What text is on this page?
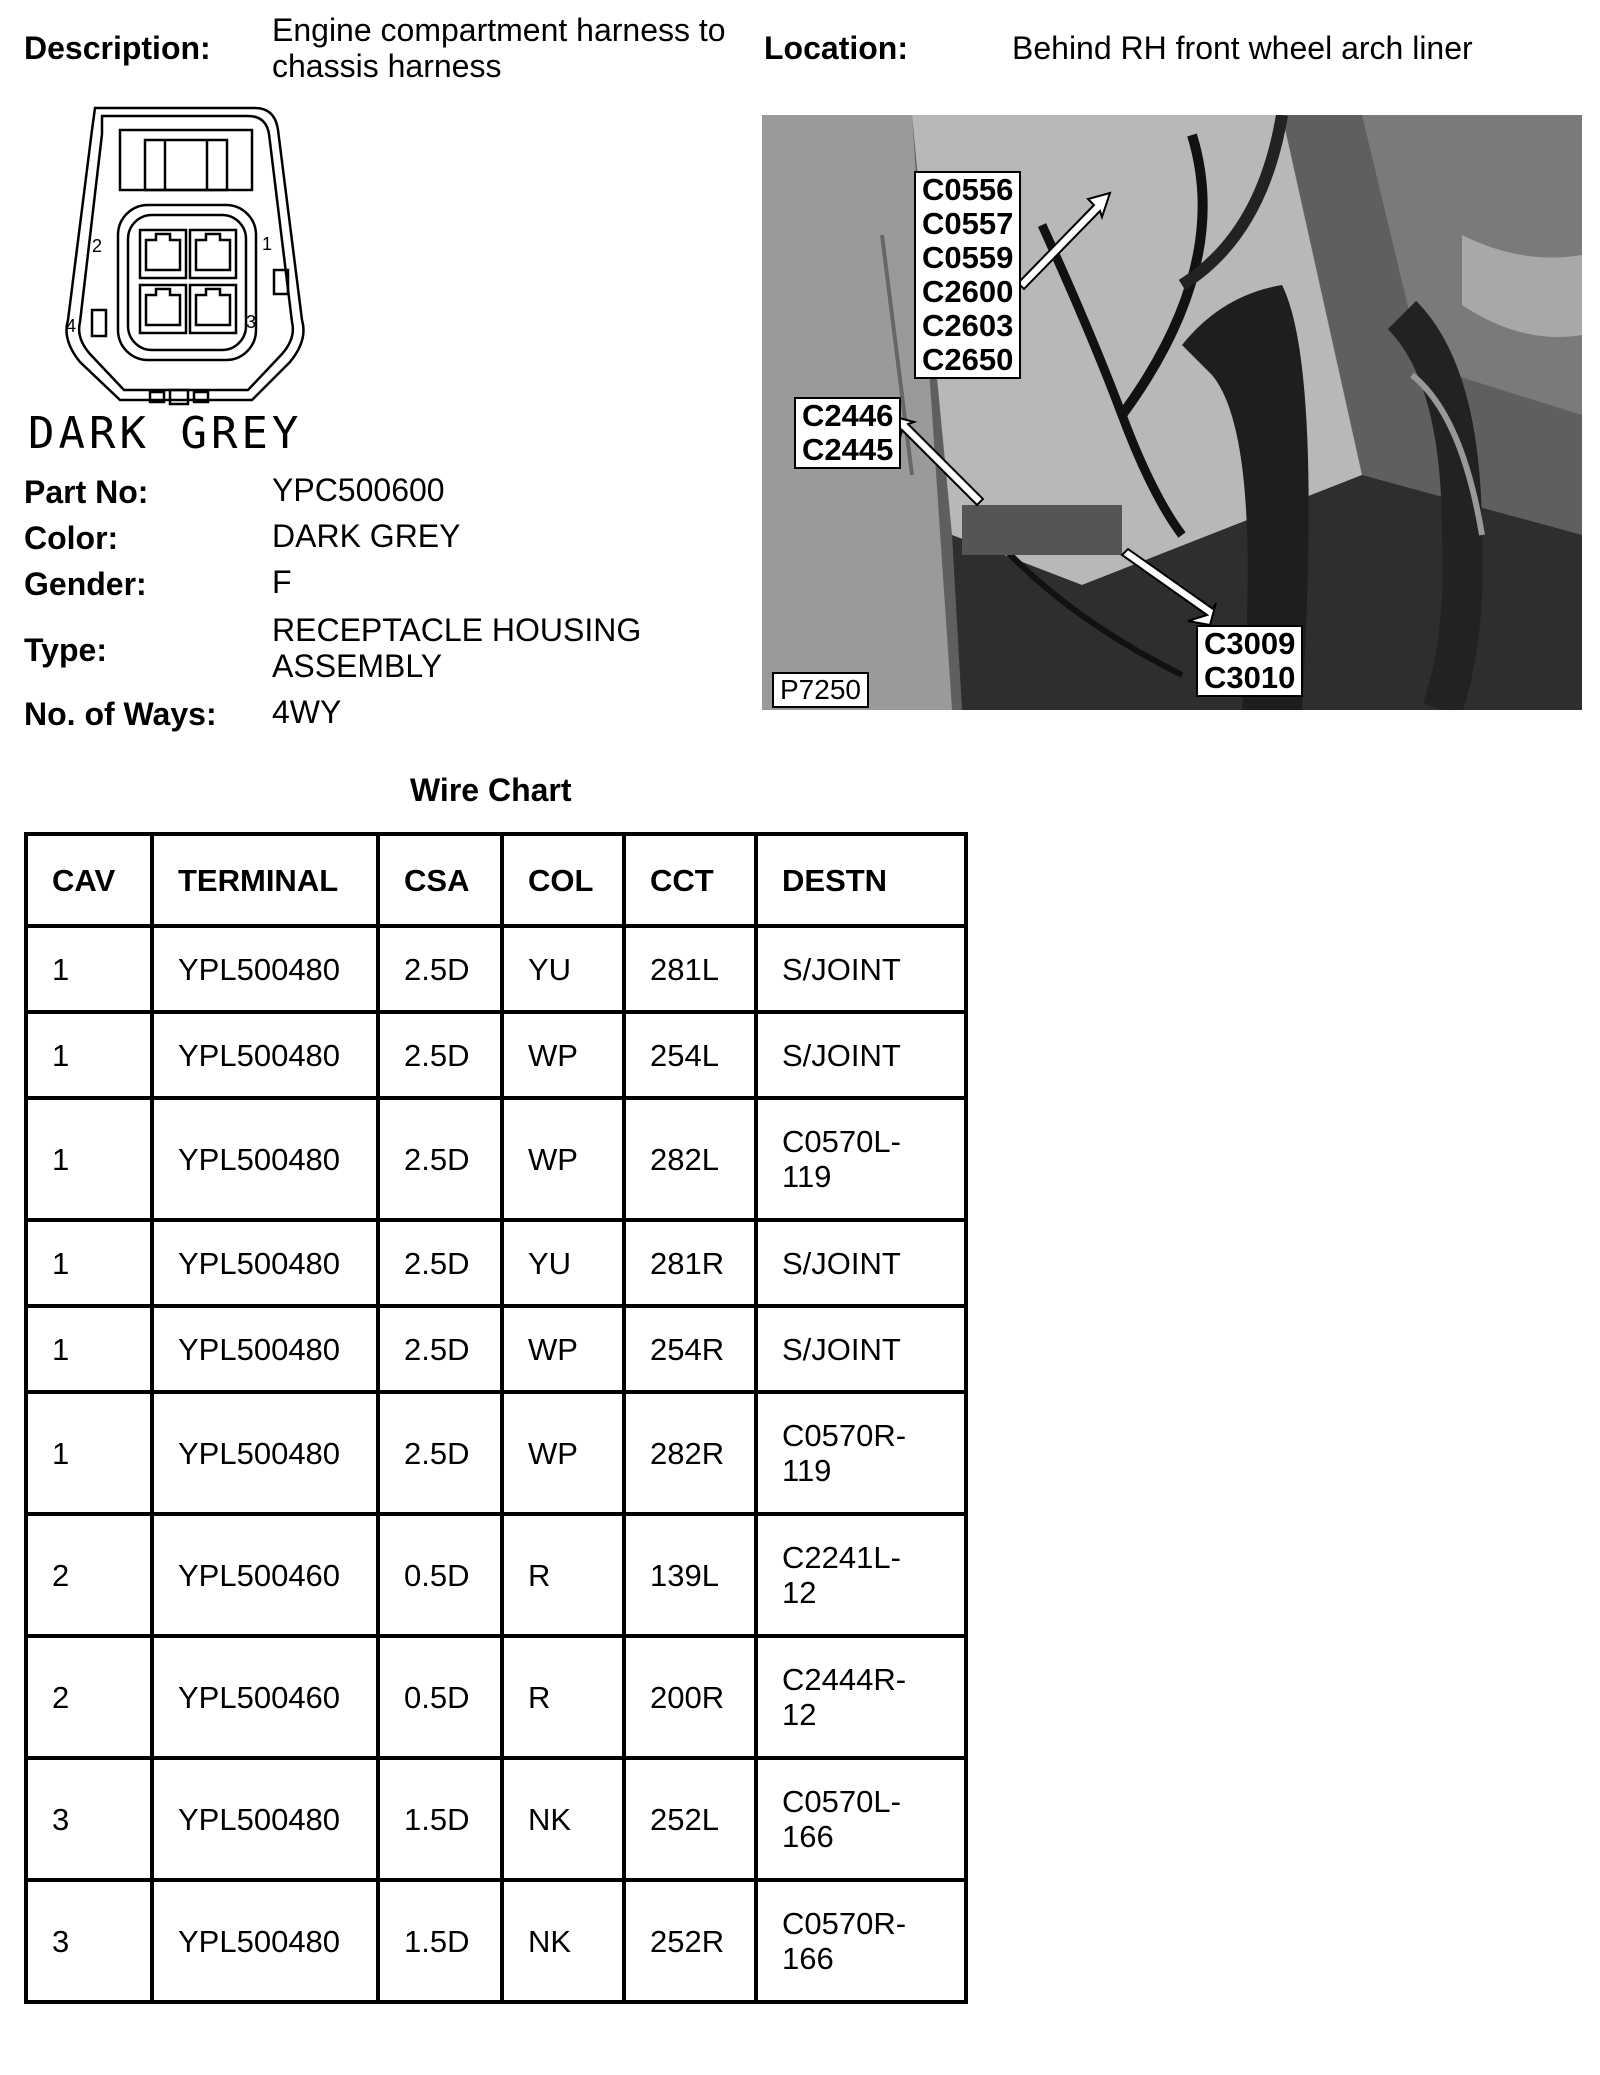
Description: Engine compartment harness to
chassis harness	Location:	Behind RH front wheel arch liner
1
2
3
4
DARK GREY
Part No:	YPC500600
Color:	DARK GREY
Gender:	F
Type:
RECEPTACLE HOUSING
ASSEMBLY
No. of Ways: 4WY
C0556
C0557
C0559
C2600
C2603
C2650
C2446
C2445
C3009
C3010
P7250
Wire Chart
CAV	TERMINAL	CSA	COL	CCT	DESTN
1	YPL500480	2.5D	YU	281L	S/JOINT

1	YPL500480	2.5D	WP	254L	S/JOINT

1	YPL500480	2.5D	WP	282L	C0570L-
119

1	YPL500480	2.5D	YU	281R	S/JOINT

1	YPL500480	2.5D	WP	254R	S/JOINT

1	YPL500480	2.5D	WP	282R	C0570R-
119

2	YPL500460	0.5D	R	139L	C2241L-
12

2	YPL500460	0.5D	R	200R	C2444R-
12

3	YPL500480	1.5D	NK	252L	C0570L-
166

3	YPL500480	1.5D	NK	252R	C0570R-
166
